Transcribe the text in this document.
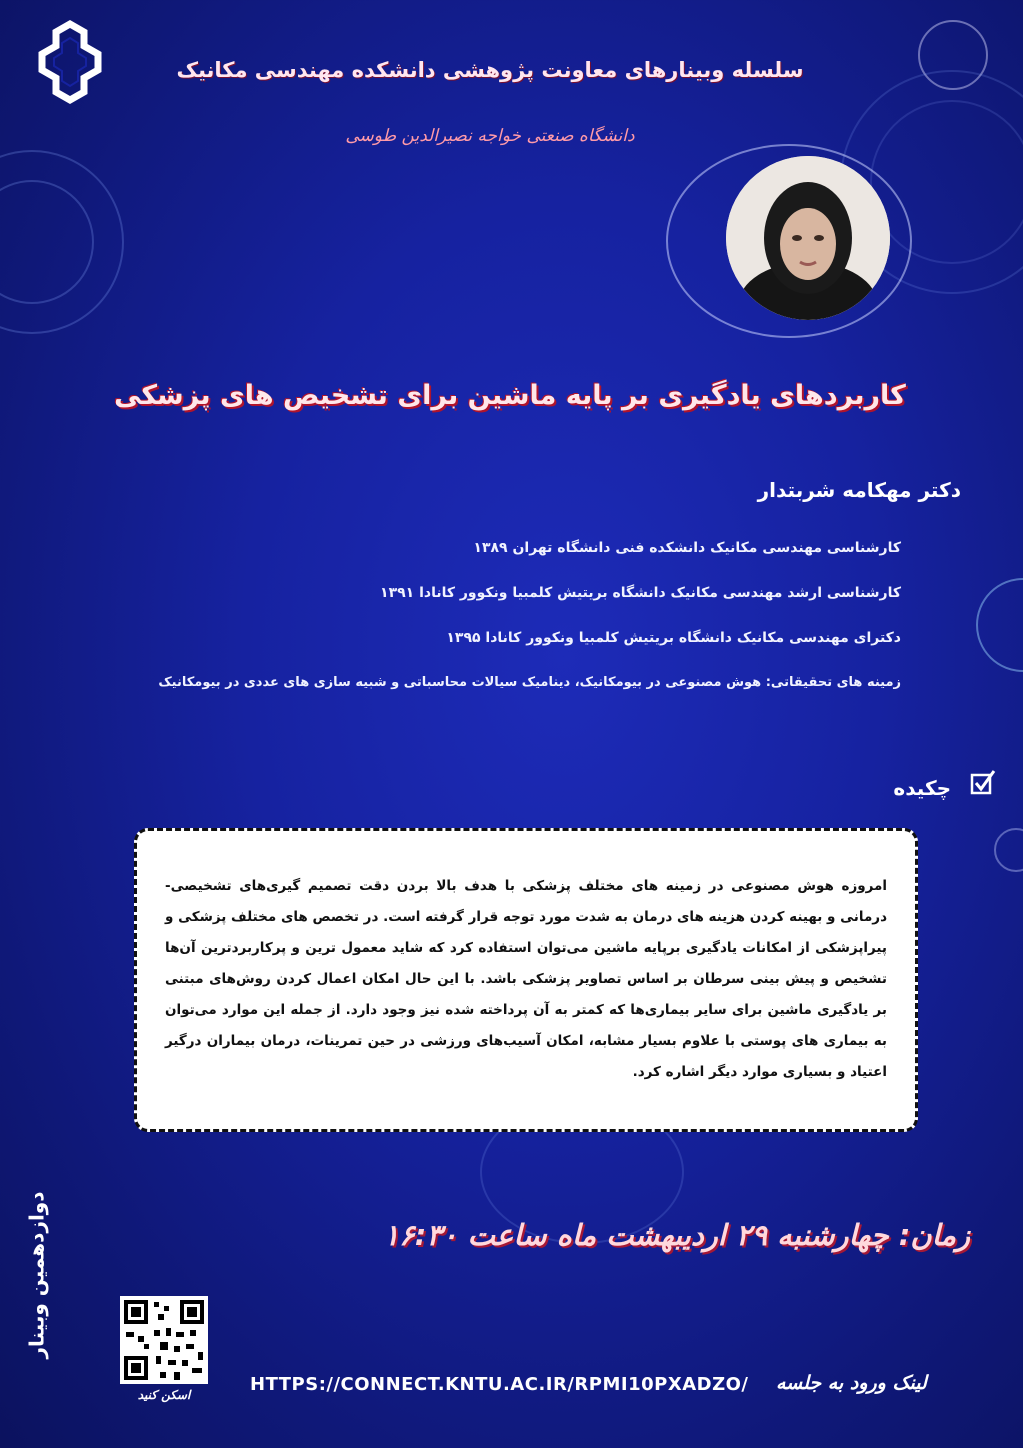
سلسله وبینارهای معاونت پژوهشی دانشکده مهندسی مکانیک
دانشگاه صنعتی خواجه نصیرالدین طوسی
کاربردهای یادگیری بر پایه ماشین برای تشخیص های پزشکی
دکتر مهکامه شربتدار
کارشناسی مهندسی مکانیک دانشکده فنی دانشگاه تهران ۱۳۸۹
کارشناسی ارشد مهندسی مکانیک دانشگاه بریتیش کلمبیا ونکوور کانادا ۱۳۹۱
دکترای مهندسی مکانیک دانشگاه بریتیش کلمبیا ونکوور کانادا ۱۳۹۵
زمینه های تحقیقاتی: هوش مصنوعی در بیومکانیک، دینامیک سیالات محاسباتی و شبیه سازی های عددی در بیومکانیک
چکیده
امروزه هوش مصنوعی در زمینه های مختلف پزشکی با هدف بالا بردن دقت تصمیم گیری‌های تشخیصی-درمانی و بهینه کردن هزینه های درمان به شدت مورد توجه قرار گرفته است. در تخصص های مختلف پزشکی و پیراپزشکی از امکانات یادگیری برپایه ماشین می‌توان استفاده کرد که شاید معمول ترین و پرکاربردترین آن‌ها تشخیص و پیش بینی سرطان بر اساس تصاویر پزشکی باشد. با این حال امکان اعمال کردن روش‌های مبتنی بر یادگیری ماشین برای سایر بیماری‌ها که کمتر به آن پرداخته شده نیز وجود دارد. از جمله این موارد می‌توان به بیماری های پوستی با علاوم بسیار مشابه، امکان آسیب‌های ورزشی در حین تمرینات، درمان بیماران درگیر اعتیاد و بسیاری موارد دیگر اشاره کرد.
دوازدهمین وبینار	زمان: چهارشنبه ۲۹ اردیبهشت ماه ساعت ۱۶:۳۰
اسکن کنید	HTTPS://CONNECT.KNTU.AC.IR/RPMI10PXADZO/ لینک ورود به جلسه
